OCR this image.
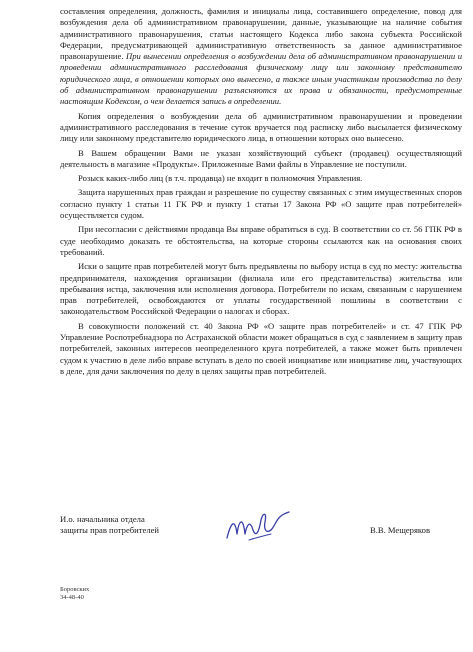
составления определения, должность, фамилия и инициалы лица, составившего определение, повод для возбуждения дела об административном правонарушении, данные, указывающие на наличие события административного правонарушения, статьи настоящего Кодекса либо закона субъекта Российской Федерации, предусматривающей административную ответственность за данное административное правонарушение. При вынесении определения о возбуждении дела об административном правонарушении и проведении административного расследования физическому лицу или законному представителю юридического лица, в отношении которых оно вынесено, а также иным участникам производства по делу об административном правонарушении разъясняются их права и обязанности, предусмотренные настоящим Кодексом, о чем делается запись в определении.

Копия определения о возбуждении дела об административном правонарушении и проведении административного расследования в течение суток вручается под расписку либо высылается физическому лицу или законному представителю юридического лица, в отношении которых оно вынесено.

В Вашем обращении Вами не указан хозяйствующий субъект (продавец) осуществляющий деятельность в магазине «Продукты». Приложенные Вами файлы в Управление не поступили.

Розыск каких-либо лиц (в т.ч. продавца) не входит в полномочия Управления.

Защита нарушенных прав граждан и разрешение по существу связанных с этим имущественных споров согласно пункту 1 статьи 11 ГК РФ и пункту 1 статьи 17 Закона РФ «О защите прав потребителей» осуществляется судом.

При несогласии с действиями продавца Вы вправе обратиться в суд. В соответствии со ст. 56 ГПК РФ в суде необходимо доказать те обстоятельства, на которые стороны ссылаются как на основания своих требований.

Иски о защите прав потребителей могут быть предъявлены по выбору истца в суд по месту: жительства предпринимателя, нахождения организации (филиала или его представительства) жительства или пребывания истца, заключения или исполнения договора. Потребители по искам, связанным с нарушением прав потребителей, освобождаются от уплаты государственной пошлины в соответствии с законодательством Российской Федерации о налогах и сборах.

В совокупности положений ст. 40 Закона РФ «О защите прав потребителей» и ст. 47 ГПК РФ Управление Роспотребнадзора по Астраханской области может обращаться в суд с заявлением в защиту прав потребителей, законных интересов неопределенного круга потребителей, а также может быть привлечен судом к участию в деле либо вправе вступать в дело по своей инициативе или инициативе лиц, участвующих в деле, для дачи заключения по делу в целях защиты прав потребителей.

И.о. начальника отдела
защиты прав потребителей	В.В. Мещеряков
Боровских
34-48-40
